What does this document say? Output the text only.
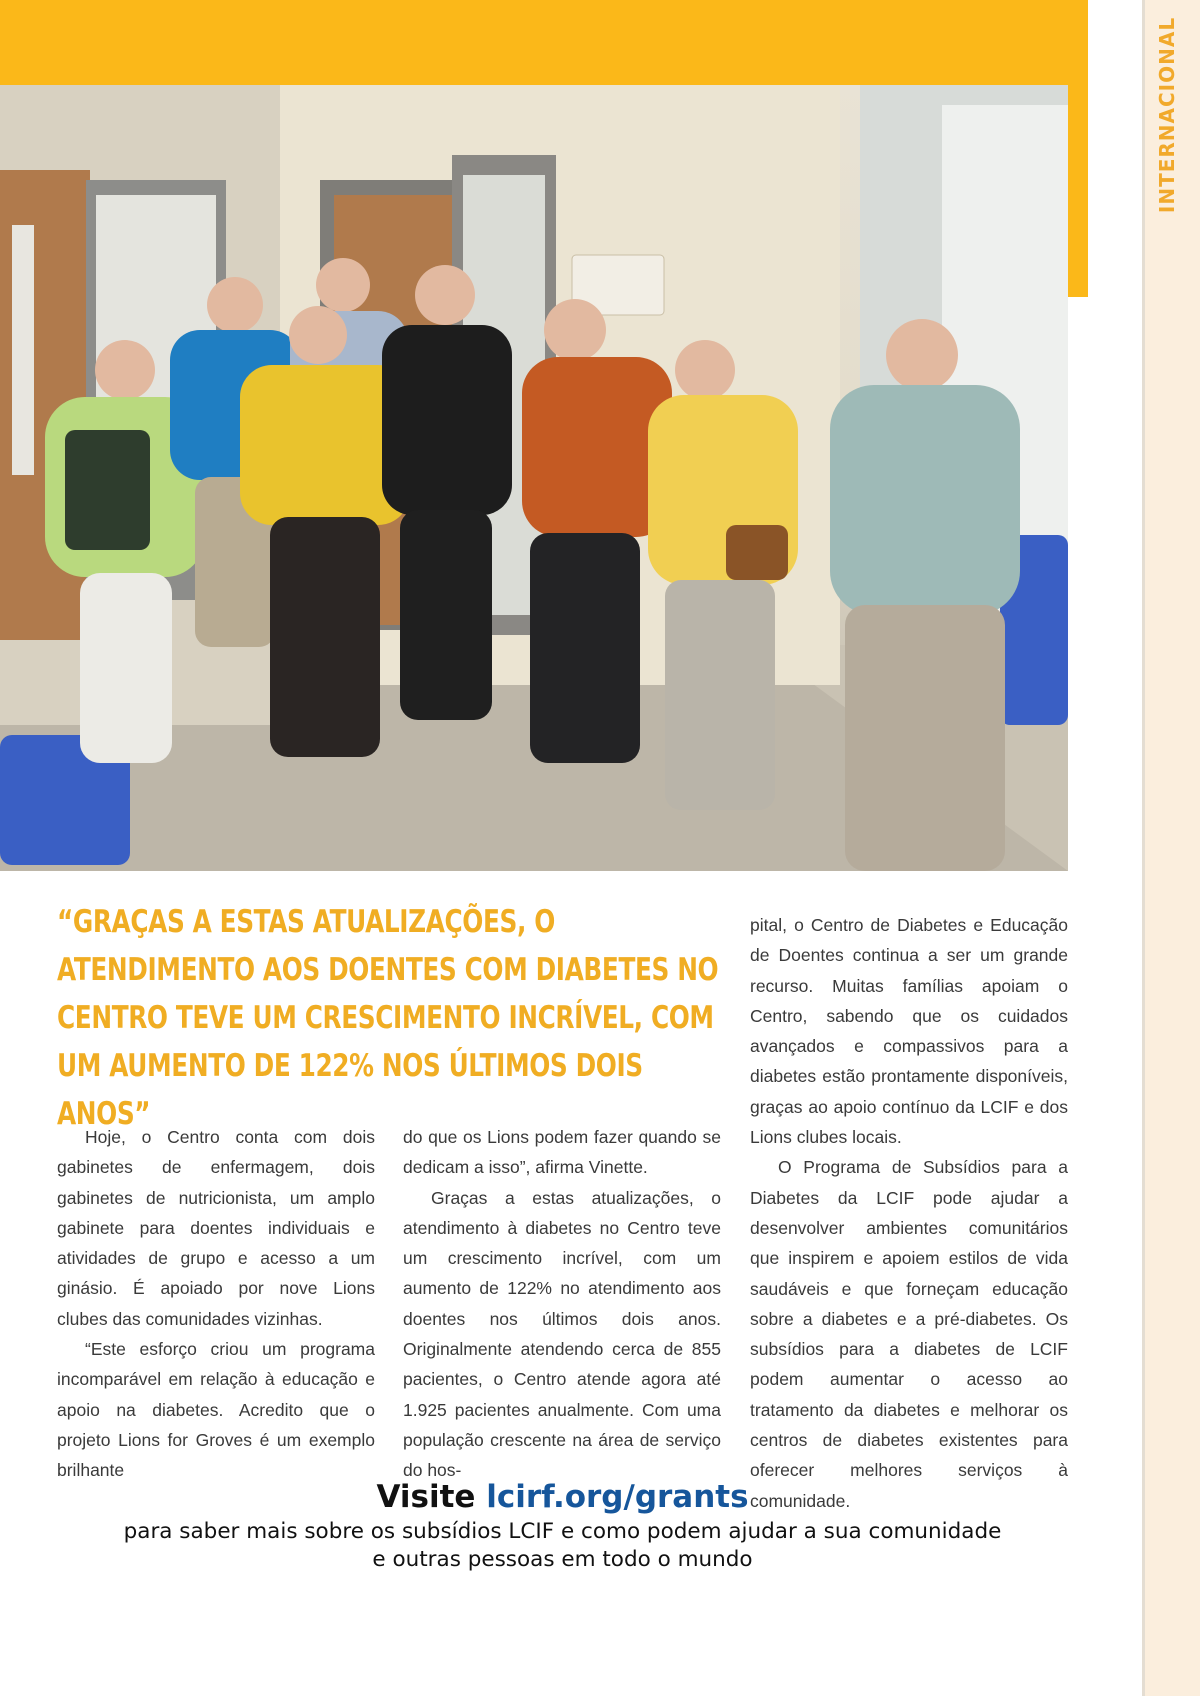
INTERNACIONAL
“GRAÇAS A ESTAS ATUALIZAÇÕES, O ATENDIMENTO AOS DOENTES COM DIABETES NO CENTRO TEVE UM CRESCIMENTO INCRÍVEL, COM UM AUMENTO DE 122% NOS ÚLTIMOS DOIS ANOS”

Hoje, o Centro conta com dois gabinetes de enfermagem, dois gabinetes de nutricionista, um amplo gabinete para doentes individuais e atividades de grupo e acesso a um ginásio. É apoiado por nove Lions clubes das comunidades vizinhas.

“Este esforço criou um programa incomparável em relação à educação e apoio na diabetes. Acredito que o projeto Lions for Groves é um exemplo brilhante

do que os Lions podem fazer quando se dedicam a isso”, afirma Vinette.

Graças a estas atualizações, o atendimento à diabetes no Centro teve um crescimento incrível, com um aumento de 122% no atendimento aos doentes nos últimos dois anos. Originalmente atendendo cerca de 855 pacientes, o Centro atende agora até 1.925 pacientes anualmente. Com uma população crescente na área de serviço do hos-

pital, o Centro de Diabetes e Educação de Doentes continua a ser um grande recurso. Muitas famílias apoiam o Centro, sabendo que os cuidados avançados e compassivos para a diabetes estão prontamente disponíveis, graças ao apoio contínuo da LCIF e dos Lions clubes locais.

O Programa de Subsídios para a Diabetes da LCIF pode ajudar a desenvolver ambientes comunitários que inspirem e apoiem estilos de vida saudáveis e que forneçam educação sobre a diabetes e a pré-diabetes. Os subsídios para a diabetes de LCIF podem aumentar o acesso ao tratamento da diabetes e melhorar os centros de diabetes existentes para oferecer melhores serviços à comunidade.

Visite lcirf.org/grants
para saber mais sobre os subsídios LCIF e como podem ajudar a sua comunidade
e outras pessoas em todo o mundo
